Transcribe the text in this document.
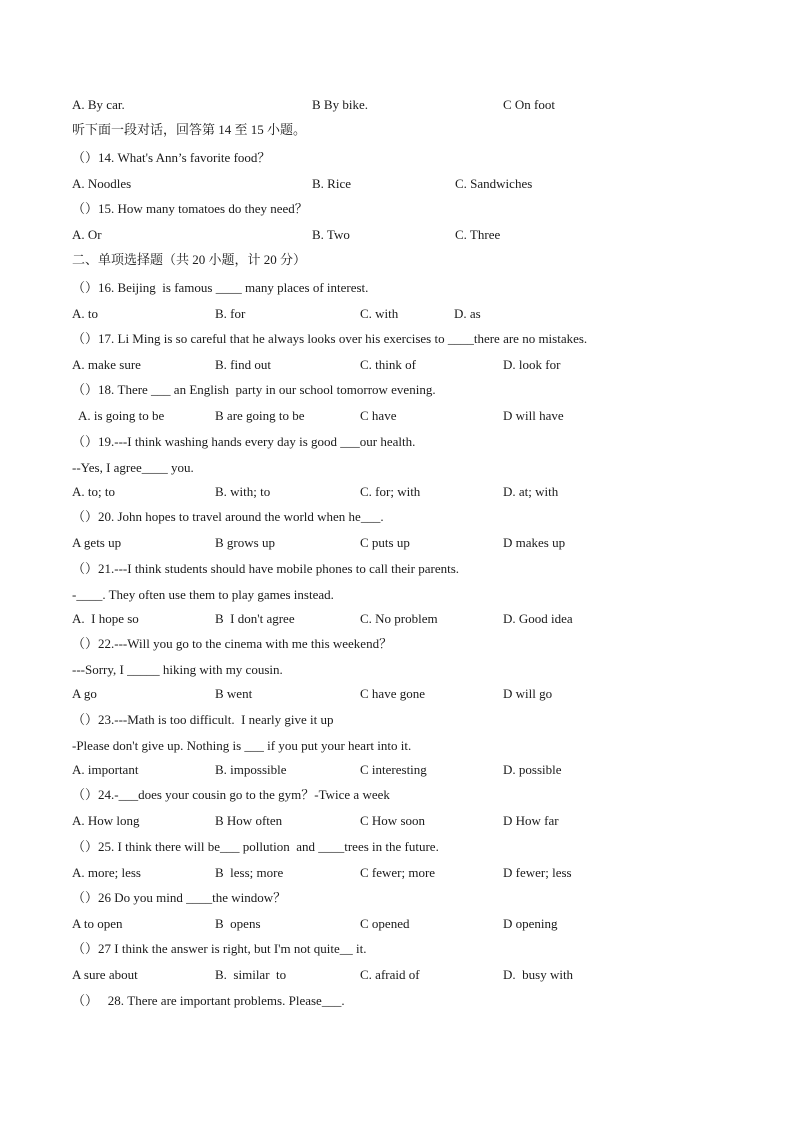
A. By car.	B By bike.	C On foot
听下面一段对话，回答第 14 至 15 小题。
（）14. What's Ann’s favorite food？
A. Noodles	B. Rice	C. Sandwiches
（）15. How many tomatoes do they need？
A. Or	B. Two	C. Three
二、单项选择题（共 20 小题，计 20 分）
（）16. Beijing  is famous ____ many places of interest.
A. to	B. for	C. with	D. as
（）17. Li Ming is so careful that he always looks over his exercises to ____there are no mistakes.
A. make sure	B. find out	C. think of	D. look for
（）18. There ___ an English  party in our school tomorrow evening.
A. is going to be	B are going to be	C have	D will have
（）19.---I think washing hands every day is good ___our health.
--Yes, I agree____ you.
A. to; to	B. with; to	C. for; with	D. at; with
（）20. John hopes to travel around the world when he___.
A gets up	B grows up	C puts up	D makes up
（）21.---I think students should have mobile phones to call their parents.
-____. They often use them to play games instead.
A.  I hope so	B  I don't agree	C. No problem	D. Good idea
（）22.---Will you go to the cinema with me this weekend？
---Sorry, I _____ hiking with my cousin.
A go	B went	C have gone	D will go
（）23.---Math is too difficult.  I nearly give it up
-Please don't give up. Nothing is ___ if you put your heart into it.
A. important	B. impossible	C interesting	D. possible
（）24.-___does your cousin go to the gym？-Twice a week
A. How long	B How often	C How soon	D How far
（）25. I think there will be___ pollution  and ____trees in the future.
A. more; less	B  less; more	C fewer; more	D fewer; less
（）26 Do you mind ____the window？
A to open	B  opens	C opened	D opening
（）27 I think the answer is right, but I'm not quite__ it.
A sure about	B.  similar  to	C. afraid of	D.  busy with
（）   28. There are important problems. Please___.
